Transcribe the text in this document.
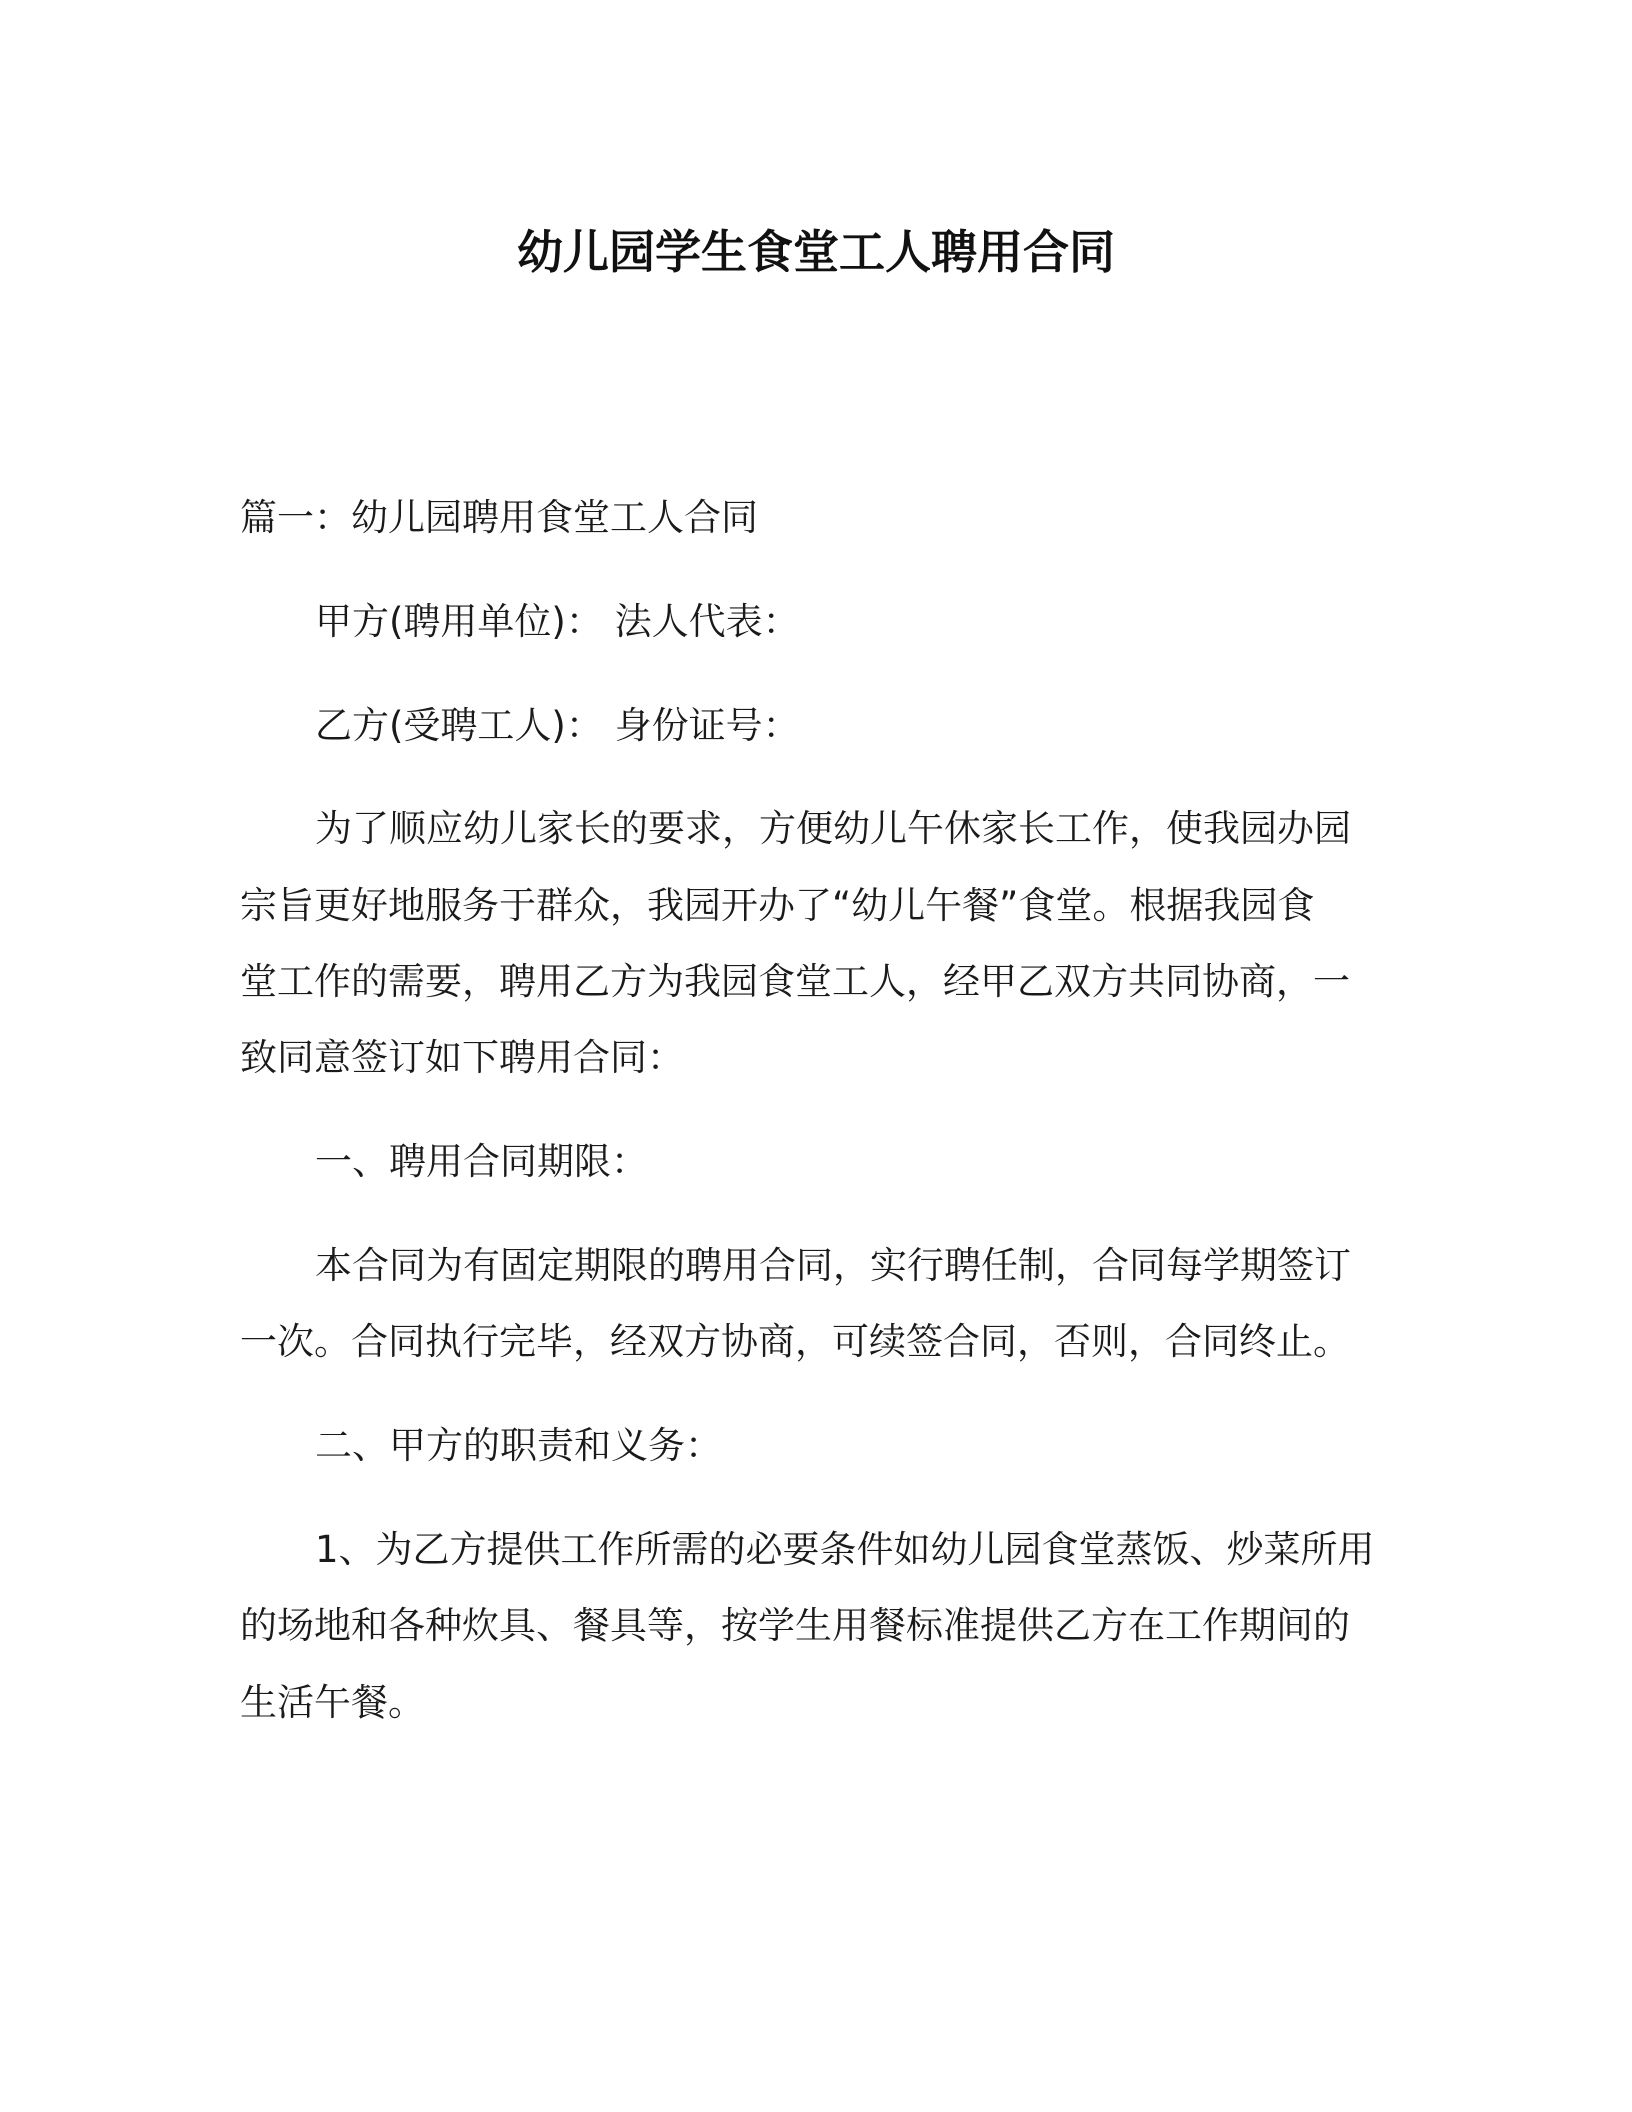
幼儿园学生食堂工人聘用合同
篇一：幼儿园聘用食堂工人合同
甲方(聘用单位)： 法人代表：
乙方(受聘工人)： 身份证号：
为了顺应幼儿家长的要求，方便幼儿午休家长工作，使我园办园
宗旨更好地服务于群众，我园开办了“幼儿午餐”食堂。根据我园食
堂工作的需要，聘用乙方为我园食堂工人，经甲乙双方共同协商，一
致同意签订如下聘用合同：
一、聘用合同期限：
本合同为有固定期限的聘用合同，实行聘任制，合同每学期签订
一次。合同执行完毕，经双方协商，可续签合同，否则，合同终止。
二、甲方的职责和义务：
1、为乙方提供工作所需的必要条件如幼儿园食堂蒸饭、炒菜所用
的场地和各种炊具、餐具等，按学生用餐标准提供乙方在工作期间的
生活午餐。
